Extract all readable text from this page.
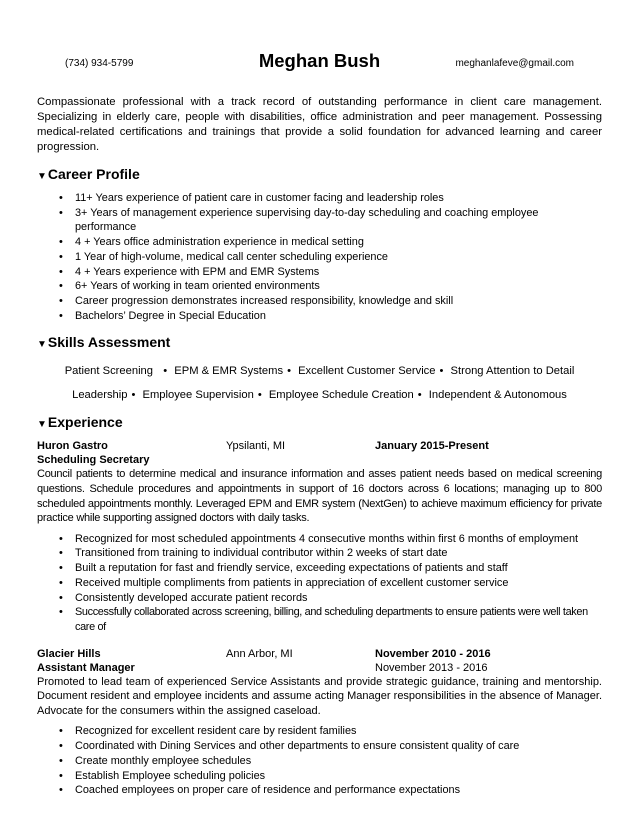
(734) 934-5799	Meghan Bush	meghanlafeve@gmail.com

Compassionate professional with a track record of outstanding performance in client care management. Specializing in elderly care, people with disabilities, office administration and peer management. Possessing medical-related certifications and trainings that provide a solid foundation for advanced learning and career progression.

▼Career Profile
• 11+ Years experience of patient care in customer facing and leadership roles
• 3+ Years of management experience supervising day-to-day scheduling and coaching employee performance
• 4 + Years office administration experience in medical setting
• 1 Year of high-volume, medical call center scheduling experience
• 4 + Years experience with EPM and EMR Systems
• 6+ Years of working in team oriented environments
• Career progression demonstrates increased responsibility, knowledge and skill
• Bachelors’ Degree in Special Education
▼Skills Assessment
Patient Screening  • EPM & EMR Systems • Excellent Customer Service • Strong Attention to Detail
Leadership • Employee Supervision • Employee Schedule Creation • Independent & Autonomous
▼Experience
Huron Gastro	Ypsilanti, MI	January 2015-Present
Scheduling Secretary

Council patients to determine medical and insurance information and asses patient needs based on medical screening questions. Schedule procedures and appointments in support of 16 doctors across 6 locations; managing up to 800 scheduled appointments monthly. Leveraged EPM and EMR system (NextGen) to achieve maximum efficiency for private practice while supporting assigned doctors with daily tasks.

• Recognized for most scheduled appointments 4 consecutive months within first 6 months of employment
• Transitioned from training to individual contributor within 2 weeks of start date
• Built a reputation for fast and friendly service, exceeding expectations of patients and staff
• Received multiple compliments from patients in appreciation of excellent customer service
• Consistently developed accurate patient records
• Successfully collaborated across screening, billing, and scheduling departments to ensure patients were well taken care of
Glacier Hills	Ann Arbor, MI	November 2010 - 2016
Assistant Manager	November 2013 - 2016

Promoted to lead team of experienced Service Assistants and provide strategic guidance, training and mentorship. Document resident and employee incidents and assume acting Manager responsibilities in the absence of Manager. Advocate for the consumers within the assigned caseload.

• Recognized for excellent resident care by resident families
• Coordinated with Dining Services and other departments to ensure consistent quality of care
• Create monthly employee schedules
• Establish Employee scheduling policies
• Coached employees on proper care of residence and performance expectations
